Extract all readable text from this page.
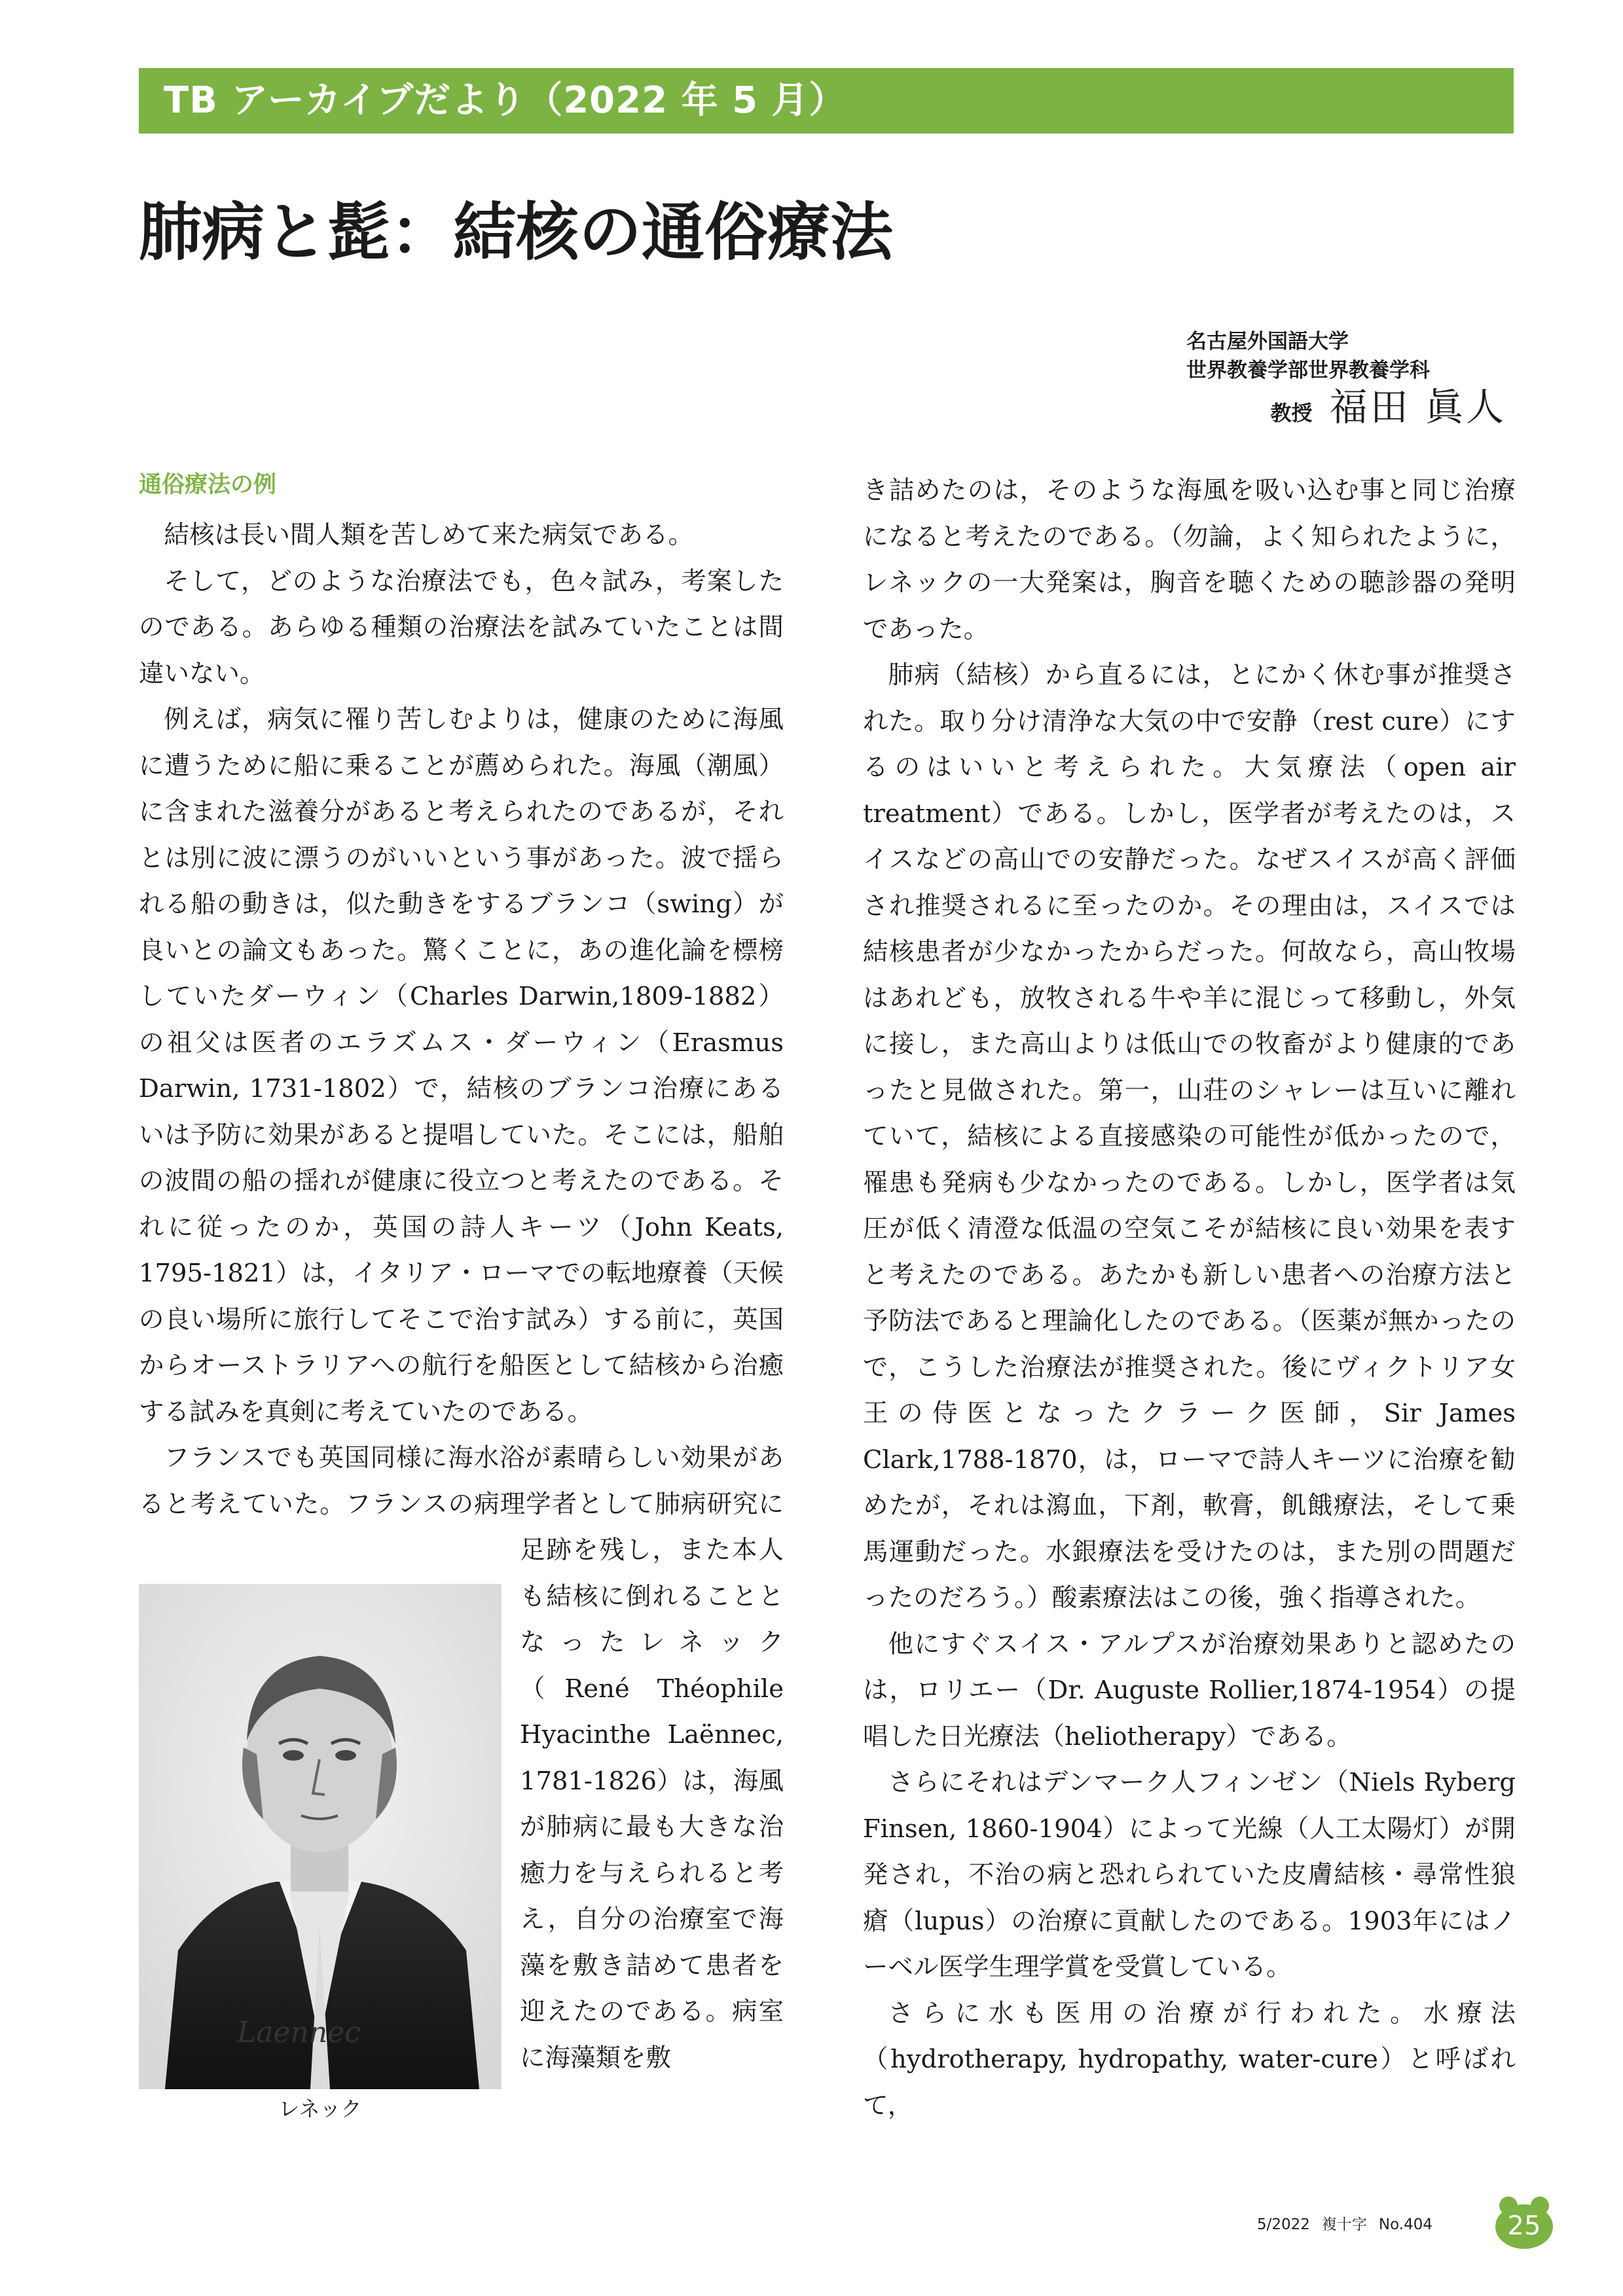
TB アーカイブだより（2022 年 5 月）
肺病と髭：結核の通俗療法
名古屋外国語大学
世界教養学部世界教養学科
教授 福田 眞人
通俗療法の例

結核は長い間人類を苦しめて来た病気である。

そして，どのような治療法でも，色々試み，考案したのである。あらゆる種類の治療法を試みていたことは間違いない。

例えば，病気に罹り苦しむよりは，健康のために海風に遭うために船に乗ることが薦められた。海風（潮風）に含まれた滋養分があると考えられたのであるが，それとは別に波に漂うのがいいという事があった。波で揺られる船の動きは，似た動きをするブランコ（swing）が良いとの論文もあった。驚くことに，あの進化論を標榜していたダーウィン（Charles Darwin,1809-1882）の祖父は医者のエラズムス・ダーウィン（Erasmus Darwin, 1731-1802）で，結核のブランコ治療にあるいは予防に効果があると提唱していた。そこには，船舶の波間の船の揺れが健康に役立つと考えたのである。それに従ったのか，英国の詩人キーツ（John Keats, 1795-1821）は，イタリア・ローマでの転地療養（天候の良い場所に旅行してそこで治す試み）する前に，英国からオーストラリアへの航行を船医として結核から治癒する試みを真剣に考えていたのである。

フランスでも英国同様に海水浴が素晴らしい効果があると考えていた。フランスの病理学者として肺病研
究に足跡を残し，また本人も結核に倒れることとなったレネック（René Théophile Hyacinthe Laënnec, 1781-1826）は，海風が肺病に最も大きな治癒力を与えられると考え，自分の治療室で海藻を敷き詰めて患者を迎えたのである。病室に海藻類を敷

Laennec
レネック

き詰めたのは，そのような海風を吸い込む事と同じ治療になると考えたのである。（勿論，よく知られたように，レネックの一大発案は，胸音を聴くための聴診器の発明であった。

肺病（結核）から直るには，とにかく休む事が推奨された。取り分け清浄な大気の中で安静（rest cure）にするのはいいと考えられた。大気療法（open air treatment）である。しかし，医学者が考えたのは，スイスなどの高山での安静だった。なぜスイスが高く評価され推奨されるに至ったのか。その理由は，スイスでは結核患者が少なかったからだった。何故なら，高山牧場はあれども，放牧される牛や羊に混じって移動し，外気に接し，また高山よりは低山での牧畜がより健康的であったと見做された。第一，山荘のシャレーは互いに離れていて，結核による直接感染の可能性が低かったので，罹患も発病も少なかったのである。しかし，医学者は気圧が低く清澄な低温の空気こそが結核に良い効果を表すと考えたのである。あたかも新しい患者への治療方法と予防法であると理論化したのである。（医薬が無かったので，こうした治療法が推奨された。後にヴィクトリア女王の侍医となったクラーク医師，Sir James Clark,1788-1870，は，ローマで詩人キーツに治療を勧めたが，それは瀉血，下剤，軟膏，飢餓療法，そして乗馬運動だった。水銀療法を受けたのは，また別の問題だったのだろう。）酸素療法はこの後，強く指導された。

他にすぐスイス・アルプスが治療効果ありと認めたのは，ロリエー（Dr. Auguste Rollier,1874-1954）の提唱した日光療法（heliotherapy）である。

さらにそれはデンマーク人フィンゼン（Niels Ryberg Finsen, 1860-1904）によって光線（人工太陽灯）が開発され，不治の病と恐れられていた皮膚結核・尋常性狼瘡（lupus）の治療に貢献したのである。1903年にはノーベル医学生理学賞を受賞している。

さらに水も医用の治療が行われた。水療法（hydrotherapy, hydropathy, water-cure）と呼ばれて，

5/2022 複十字 No.404	25
